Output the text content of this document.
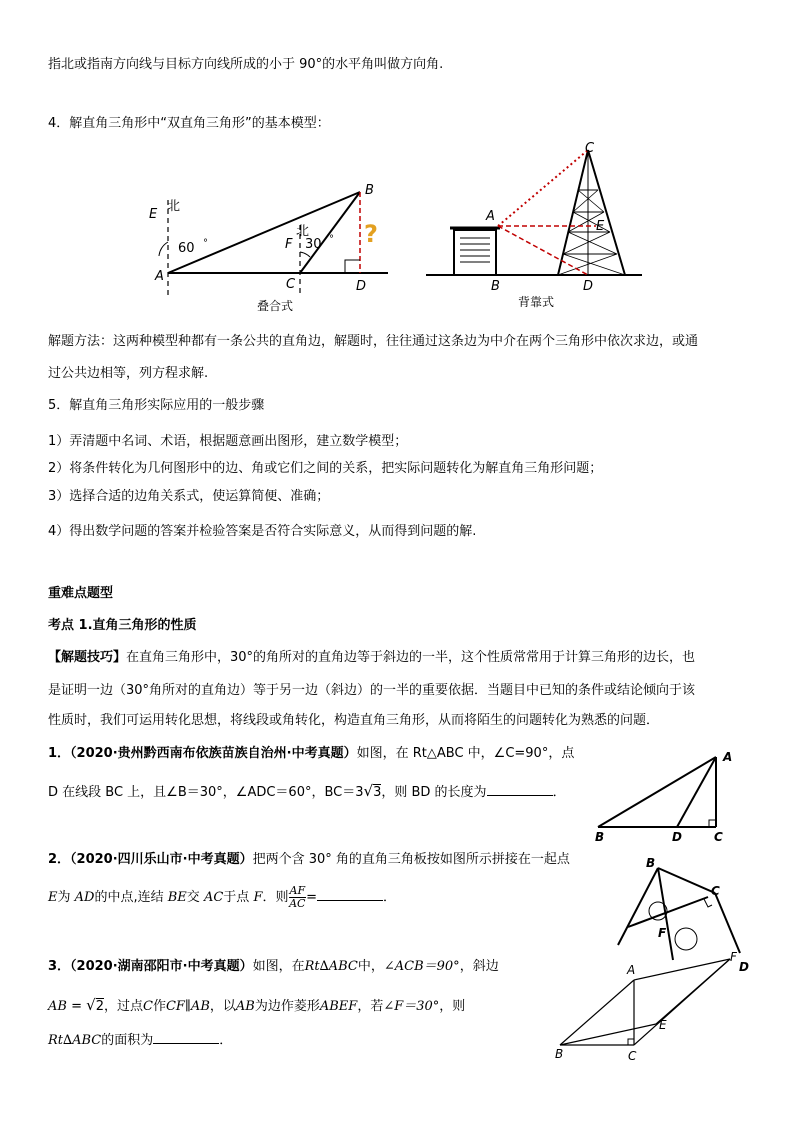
指北或指南方向线与目标方向线所成的小于 90°的水平角叫做方向角.
4．解直角三角形中“双直角三角形”的基本模型：
北
北
E
A
B
C	D
F
60 °	30 ° ?
叠合式
A
B
C
D
E
背靠式
解题方法：这两种模型种都有一条公共的直角边，解题时，往往通过这条边为中介在两个三角形中依次求边，或通
过公共边相等，列方程求解.
5．解直角三角形实际应用的一般步骤
1）弄清题中名词、术语，根据题意画出图形，建立数学模型；
2）将条件转化为几何图形中的边、角或它们之间的关系，把实际问题转化为解直角三角形问题；
3）选择合适的边角关系式，使运算简便、准确；
4）得出数学问题的答案并检验答案是否符合实际意义，从而得到问题的解.
重难点题型
考点 1.直角三角形的性质
【解题技巧】在直角三角形中，30°的角所对的直角边等于斜边的一半，这个性质常常用于计算三角形的边长，也
是证明一边（30°角所对的直角边）等于另一边（斜边）的一半的重要依据．当题目中已知的条件或结论倾向于该
性质时，我们可运用转化思想，将线段或角转化，构造直角三角形，从而将陌生的问题转化为熟悉的问题．
1．（2020·贵州黔西南布依族苗族自治州·中考真题）如图，在 Rt△ABC 中，∠C=90°，点
D 在线段 BC 上，且∠B＝30°，∠ADC＝60°，BC＝3√3，则 BD 的长度为	．
A
B	D	C
2．（2020·四川乐山市·中考真题）把两个含 30° 角的直角三角板按如图所示拼接在一起点
E为 AD的中点,连结 BE交 AC于点 F．则 $\frac{AF}{AC}$ =	．
B
C
F
D
3．（2020·湖南邵阳市·中考真题）如图，在Rt∆ABC中，∠ACB＝90°，斜边
AB = √2，过点C作CF∥AB，以AB为边作菱形ABEF，若∠F＝30°，则
Rt∆ABC的面积为	．
A
B	C
E
F
